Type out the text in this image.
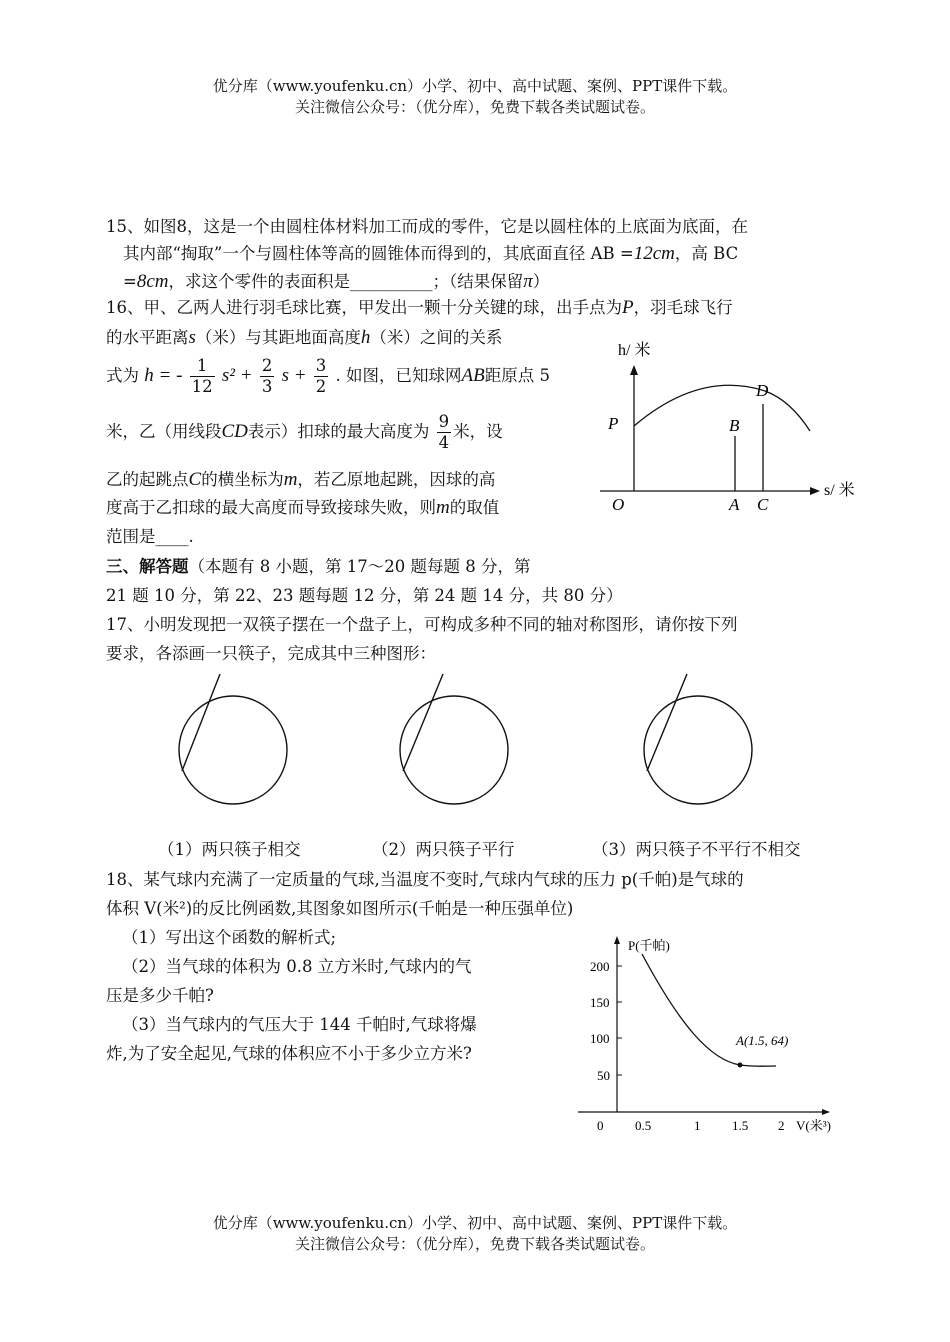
优分库（www.youfenku.cn）小学、初中、高中试题、案例、PPT课件下载。
关注微信公众号：（优分库），免费下载各类试题试卷。
15、如图8，这是一个由圆柱体材料加工而成的零件，它是以圆柱体的上底面为底面，在
其内部“掏取”一个与圆柱体等高的圆锥体而得到的，其底面直径 AB =12cm，高 BC
=8cm，求这个零件的表面积是__________；（结果保留π）
16、甲、乙两人进行羽毛球比赛，甲发出一颗十分关键的球，出手点为P，羽毛球飞行
的水平距离s（米）与其距地面高度h（米）之间的关系
式为 h = - $\frac{1}{12} s^2 + \frac{2}{3}$ $s + \frac{3}{2}$ . 如图，已知球网AB距原点 5
米，乙（用线段CD表示）扣球的最大高度为 $\frac{9}{4}$ 米，设
乙的起跳点C的横坐标为m，若乙原地起跳，因球的高
度高于乙扣球的最大高度而导致接球失败，则m的取值
范围是____.
h/ 米
s/ 米
P	B
D
O	A C
三、解答题（本题有 8 小题，第 17～20 题每题 8 分，第
21 题 10 分，第 22、23 题每题 12 分，第 24 题 14 分，共 80 分）
17、小明发现把一双筷子摆在一个盘子上，可构成多种不同的轴对称图形，请你按下列
要求，各添画一只筷子，完成其中三种图形：
（1）两只筷子相交	（2）两只筷子平行	（3）两只筷子不平行不相交
18、某气球内充满了一定质量的气球,当温度不变时,气球内气球的压力 p(千帕)是气球的
体积 V(米²)的反比例函数,其图象如图所示(千帕是一种压强单位)
（1）写出这个函数的解析式;
（2）当气球的体积为 0.8 立方米时,气球内的气
压是多少千帕?
（3）当气球内的气压大于 144 千帕时,气球将爆
炸,为了安全起见,气球的体积应不小于多少立方米?
200
150
100
50
0 0.5	1 1.5 2
P(千帕)
V(米³)
A(1.5, 64)
优分库（www.youfenku.cn）小学、初中、高中试题、案例、PPT课件下载。
关注微信公众号：（优分库），免费下载各类试题试卷。
